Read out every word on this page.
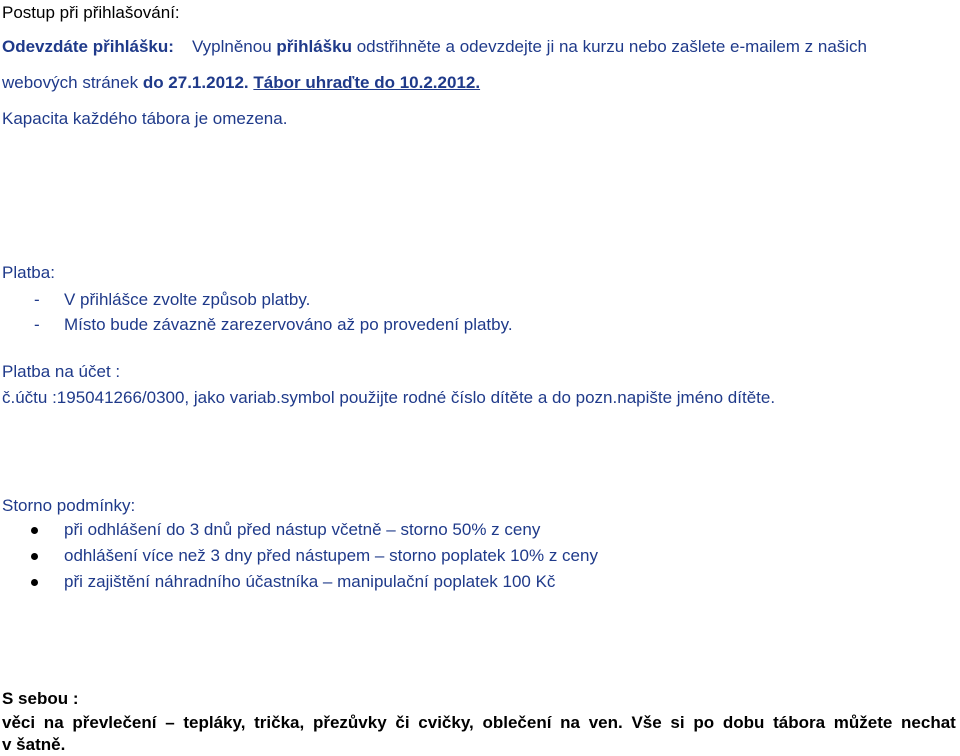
Postup při přihlašování:
Odevzdáte přihlášku: Vyplněnou přihlášku odstřihněte a odevzdejte ji na kurzu nebo zašlete e-mailem z našich
webových stránek do 27.1.2012. Tábor uhraďte do 10.2.2012.
Kapacita každého tábora je omezena.
Platba:
- V přihlášce zvolte způsob platby.
- Místo bude závazně zarezervováno až po provedení platby.
Platba na účet :
č.účtu :195041266/0300, jako variab.symbol použijte rodné číslo dítěte a do pozn.napište jméno dítěte.
Storno podmínky:
při odhlášení do 3 dnů před nástup včetně – storno 50% z ceny
odhlášení více než 3 dny před nástupem – storno poplatek 10% z ceny
při zajištění náhradního účastníka – manipulační poplatek 100 Kč
S sebou :
věci na převlečení – tepláky, trička, přezůvky či cvičky, oblečení na ven. Vše si po dobu tábora můžete nechat
v šatně.
